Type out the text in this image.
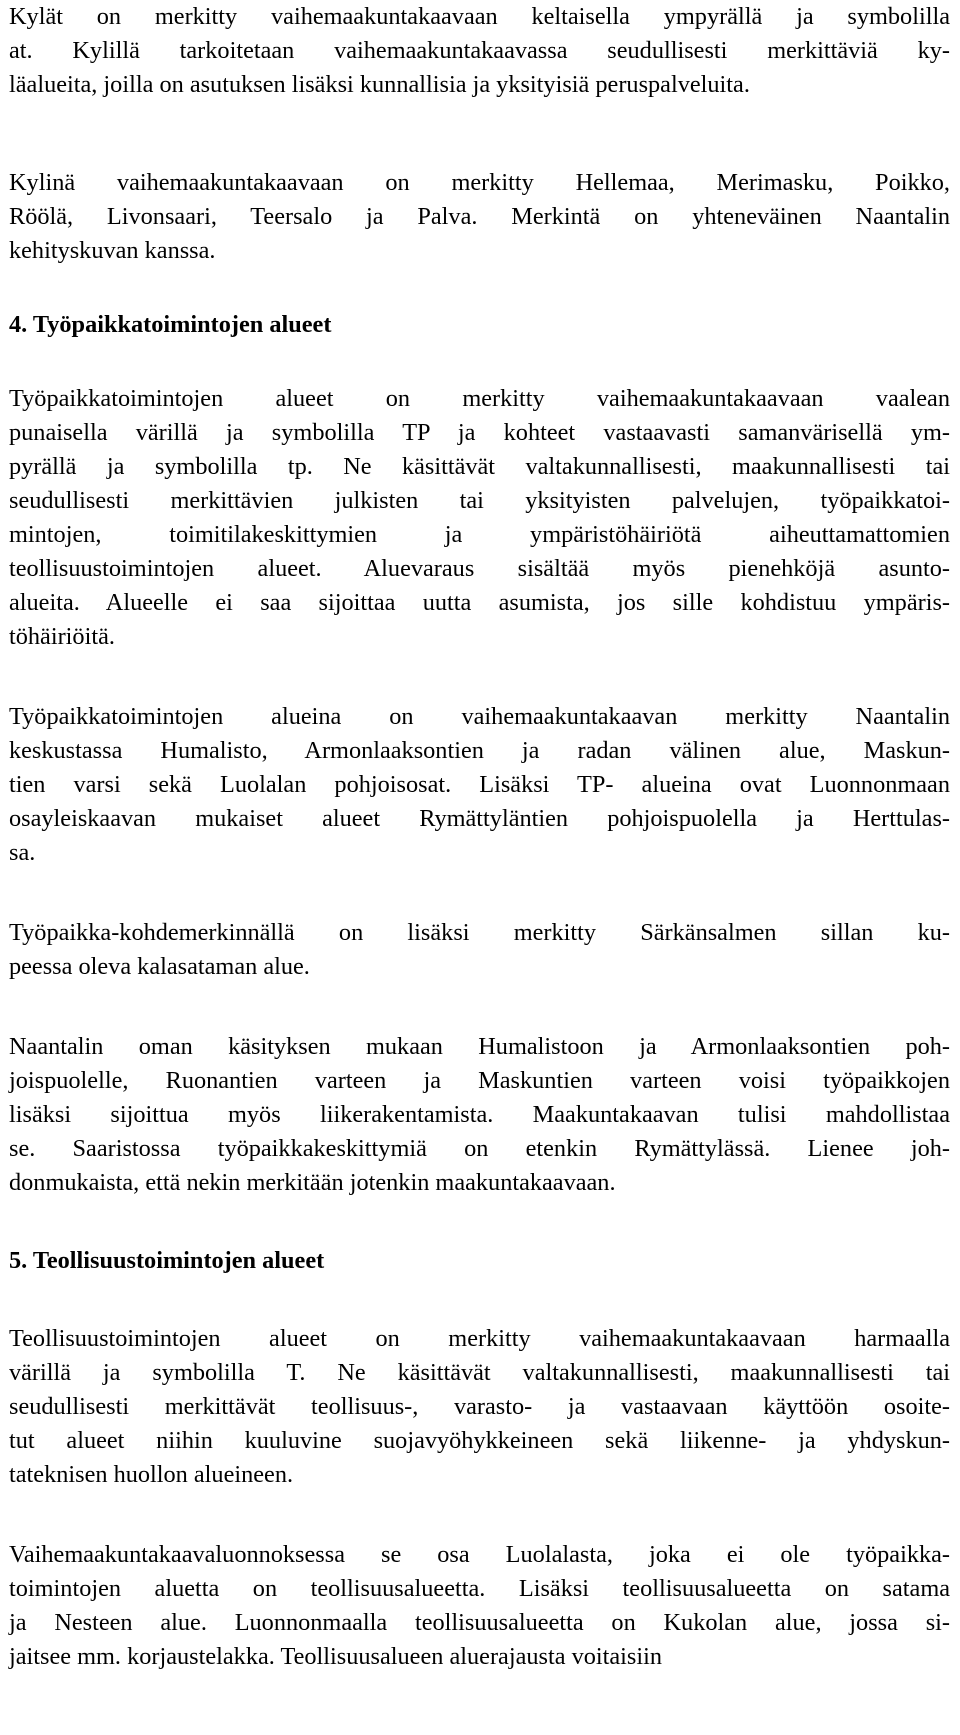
Kylät on merkitty vaihemaakuntakaavaan keltaisella ympyrällä ja symbolilla
at. Kylillä tarkoitetaan vaihemaakuntakaavassa seudullisesti merkittäviä ky-
läalueita, joilla on asutuksen lisäksi kunnallisia ja yksityisiä peruspalveluita.

Kylinä vaihemaakuntakaavaan on merkitty Hellemaa, Merimasku, Poikko,
Röölä, Livonsaari, Teersalo ja Palva. Merkintä on yhteneväinen Naantalin
kehityskuvan kanssa.

4. Työpaikkatoimintojen alueet

Työpaikkatoimintojen alueet on merkitty vaihemaakuntakaavaan vaalean
punaisella värillä ja symbolilla TP ja kohteet vastaavasti samanvärisellä ym-
pyrällä ja symbolilla tp. Ne käsittävät valtakunnallisesti, maakunnallisesti tai
seudullisesti merkittävien julkisten tai yksityisten palvelujen, työpaikkatoi-
mintojen, toimitilakeskittymien ja ympäristöhäiriötä aiheuttamattomien
teollisuustoimintojen alueet. Aluevaraus sisältää myös pienehköjä asunto-
alueita. Alueelle ei saa sijoittaa uutta asumista, jos sille kohdistuu ympäris-
töhäiriöitä.

Työpaikkatoimintojen alueina on vaihemaakuntakaavan merkitty Naantalin
keskustassa Humalisto, Armonlaaksontien ja radan välinen alue, Maskun-
tien varsi sekä Luolalan pohjoisosat. Lisäksi TP- alueina ovat Luonnonmaan
osayleiskaavan mukaiset alueet Rymättyläntien pohjoispuolella ja Herttulas-
sa.

Työpaikka-kohdemerkinnällä on lisäksi merkitty Särkänsalmen sillan ku-
peessa oleva kalasataman alue.

Naantalin oman käsityksen mukaan Humalistoon ja Armonlaaksontien poh-
joispuolelle, Ruonantien varteen ja Maskuntien varteen voisi työpaikkojen
lisäksi sijoittua myös liikerakentamista. Maakuntakaavan tulisi mahdollistaa
se. Saaristossa työpaikkakeskittymiä on etenkin Rymättylässä. Lienee joh-
donmukaista, että nekin merkitään jotenkin maakuntakaavaan.

5. Teollisuustoimintojen alueet

Teollisuustoimintojen alueet on merkitty vaihemaakuntakaavaan harmaalla
värillä ja symbolilla T. Ne käsittävät valtakunnallisesti, maakunnallisesti tai
seudullisesti merkittävät teollisuus-, varasto- ja vastaavaan käyttöön osoite-
tut alueet niihin kuuluvine suojavyöhykkeineen sekä liikenne- ja yhdyskun-
tateknisen huollon alueineen.

Vaihemaakuntakaavaluonnoksessa se osa Luolalasta, joka ei ole työpaikka-
toimintojen aluetta on teollisuusalueetta. Lisäksi teollisuusalueetta on satama
ja Nesteen alue. Luonnonmaalla teollisuusalueetta on Kukolan alue, jossa si-
jaitsee mm. korjaustelakka. Teollisuusalueen aluerajausta voitaisiin
